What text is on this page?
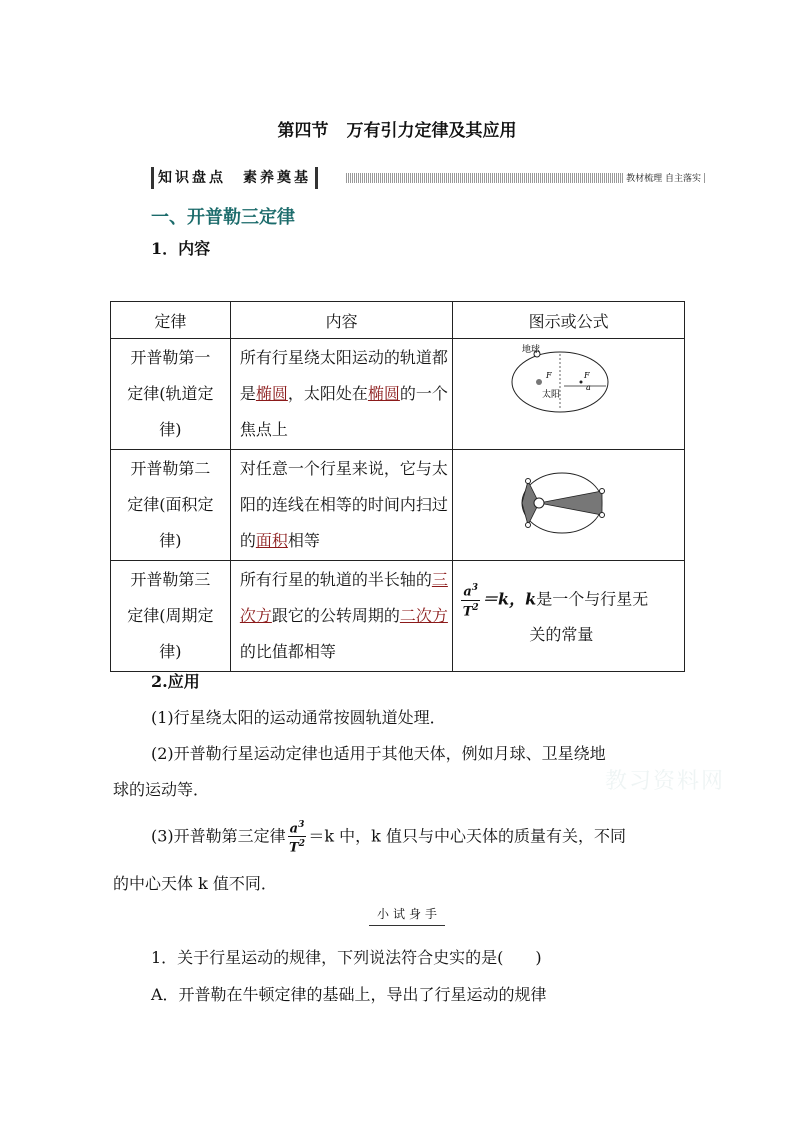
第四节 万有引力定律及其应用
知识盘点　素养奠基	教材梳理 自主落实
一、开普勒三定律
1．内容
定律	内容	图示或公式
开普勒第一
定律(轨道定
律)	所有行星绕太阳运动的轨道都是椭圆，太阳处在椭圆的一个焦点上	地球
F F
太阳
a

开普勒第二
定律(面积定
律)	对任意一个行星来说，它与太阳的连线在相等的时间内扫过的面积相等	

开普勒第三
定律(周期定
律)	所有行星的轨道的半长轴的三次方跟它的公转周期的二次方的比值都相等	$\frac{a^3}{T^2} =k$，k是一个与行星无
关的常量
2.应用
(1)行星绕太阳的运动通常按圆轨道处理．
(2)开普勒行星运动定律也适用于其他天体，例如月球、卫星绕地
球的运动等．
(3)开普勒第三定律 $\frac{a^3}{T^2} =k$ 中，k 值只与中心天体的质量有关，不同
的中心天体 k 值不同．
小试身手
教习资料网
1．关于行星运动的规律，下列说法符合史实的是(　　)
A．开普勒在牛顿定律的基础上，导出了行星运动的规律
